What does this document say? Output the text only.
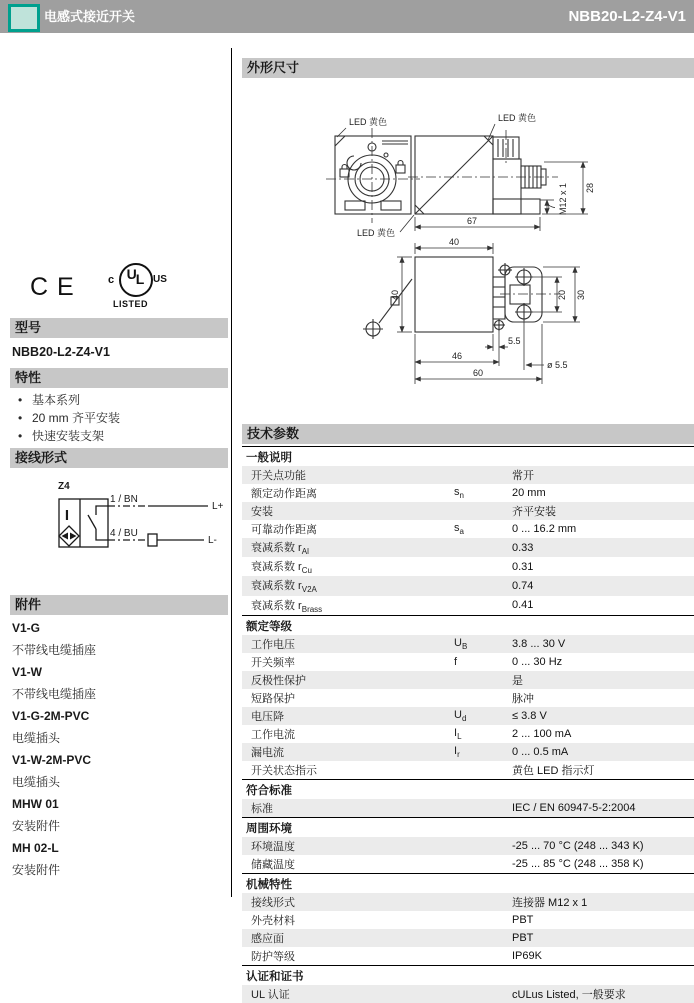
电感式接近开关	NBB20-L2-Z4-V1
CE c UL US
LISTED
型号
NBB20-L2-Z4-V1
特性
• 基本系列
• 20 mm 齐平安装
• 快速安装支架
接线形式
Z4
I
1 / BN
4 / BU
L+
L-
附件
V1-G
不带线电缆插座
V1-W
不带线电缆插座
V1-G-2M-PVC
电缆插头
V1-W-2M-PVC
电缆插头
MHW 01
安装附件
MH 02-L
安装附件
外形尺寸
67
28
7 M12 x 1
40
40	20 30
5.5
46
60
ø 5.5
LED 黄色	LED 黄色
LED 黄色
技术参数
一般说明
开关点功能	常开
额定动作距离	$s_n$	20 mm
安装	齐平安装
可靠动作距离	$s_a$	0 ... 16.2 mm
衰减系数 $r_{Al}$	0.33
衰减系数 $r_{Cu}$	0.31
衰减系数 $r_{V2A}$	0.74
衰减系数 $r_{Brass}$	0.41
额定等级
工作电压	$U_B$	3.8 ... 30 V
开关频率	f	0 ... 30 Hz
反极性保护	是
短路保护	脉冲
电压降	$U_d$	≤ 3.8 V
工作电流	$I_L$	2 ... 100 mA
漏电流	$I_r$	0 ... 0.5 mA
开关状态指示	黄色 LED 指示灯
符合标准
标准	IEC / EN 60947-5-2:2004
周围环境
环境温度	-25 ... 70 °C (248 ... 343 K)
储藏温度	-25 ... 85 °C (248 ... 358 K)
机械特性
接线形式	连接器 M12 x 1
外壳材料	PBT
感应面	PBT
防护等级	IP69K
认证和证书
UL 认证	cULus Listed, 一般要求
